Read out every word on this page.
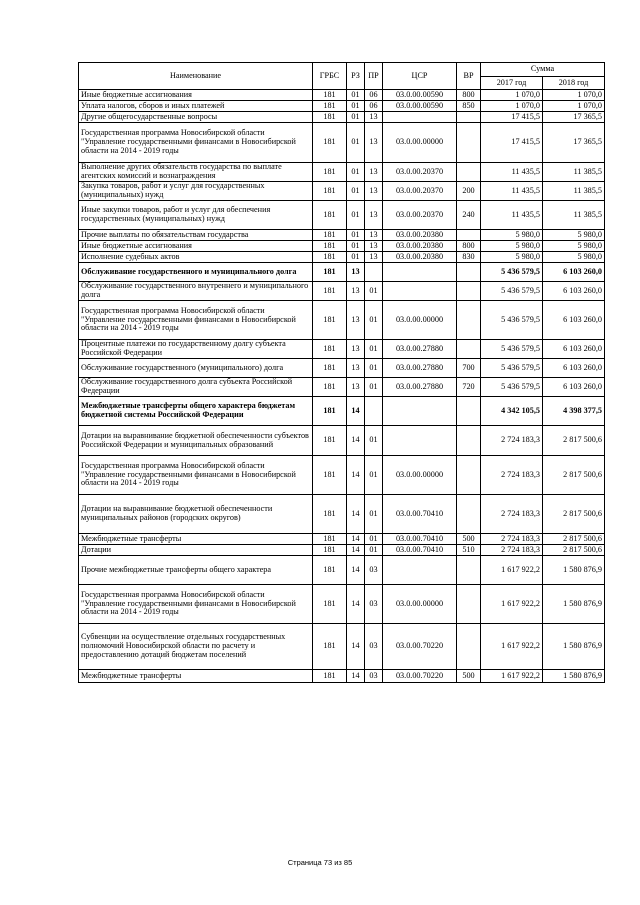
Наименование	ГРБС	РЗ	ПР	ЦСР	ВР	Сумма	
						2017 год	2018 год
Иные бюджетные ассигнования	181	01	06	03.0.00.00590	800	1 070,0	1 070,0
Уплата налогов, сборов и иных платежей	181	01	06	03.0.00.00590	850	1 070,0	1 070,0
Другие общегосударственные вопросы	181	01	13			17 415,5	17 365,5
Государственная программа Новосибирской области "Управление государственными финансами в Новосибирской области на 2014 - 2019 годы	181	01	13	03.0.00.00000		17 415,5	17 365,5
Выполнение других обязательств государства по выплате агентских комиссий и вознаграждения	181	01	13	03.0.00.20370		11 435,5	11 385,5
Закупка товаров, работ и услуг для государственных (муниципальных) нужд	181	01	13	03.0.00.20370	200	11 435,5	11 385,5
Иные закупки товаров, работ и услуг для обеспечения государственных (муниципальных) нужд	181	01	13	03.0.00.20370	240	11 435,5	11 385,5
Прочие выплаты по обязательствам государства	181	01	13	03.0.00.20380		5 980,0	5 980,0
Иные бюджетные ассигнования	181	01	13	03.0.00.20380	800	5 980,0	5 980,0
Исполнение судебных актов	181	01	13	03.0.00.20380	830	5 980,0	5 980,0
Обслуживание государственного и муниципального долга	181	13				5 436 579,5	6 103 260,0
Обслуживание государственного внутреннего и муниципального долга	181	13	01			5 436 579,5	6 103 260,0
Государственная программа Новосибирской области "Управление государственными финансами в Новосибирской области на 2014 - 2019 годы	181	13	01	03.0.00.00000		5 436 579,5	6 103 260,0
Процентные платежи по государственному долгу субъекта Российской Федерации	181	13	01	03.0.00.27880		5 436 579,5	6 103 260,0
Обслуживание государственного (муниципального) долга	181	13	01	03.0.00.27880	700	5 436 579,5	6 103 260,0
Обслуживание государственного долга субъекта Российской Федерации	181	13	01	03.0.00.27880	720	5 436 579,5	6 103 260,0
Межбюджетные трансферты общего характера бюджетам бюджетной системы Российской Федерации	181	14				4 342 105,5	4 398 377,5
Дотации на выравнивание бюджетной обеспеченности субъектов Российской Федерации и муниципальных образований	181	14	01			2 724 183,3	2 817 500,6
Государственная программа Новосибирской области "Управление государственными финансами в Новосибирской области на 2014 - 2019 годы	181	14	01	03.0.00.00000		2 724 183,3	2 817 500,6
Дотации на выравнивание бюджетной обеспеченности муниципальных районов (городских округов)	181	14	01	03.0.00.70410		2 724 183,3	2 817 500,6
Межбюджетные трансферты	181	14	01	03.0.00.70410	500	2 724 183,3	2 817 500,6
Дотации	181	14	01	03.0.00.70410	510	2 724 183,3	2 817 500,6
Прочие межбюджетные трансферты общего характера	181	14	03			1 617 922,2	1 580 876,9
Государственная программа Новосибирской области "Управление государственными финансами в Новосибирской области на 2014 - 2019 годы	181	14	03	03.0.00.00000		1 617 922,2	1 580 876,9
Субвенции на осуществление отдельных государственных полномочий Новосибирской области по расчету и предоставлению дотаций бюджетам поселений	181	14	03	03.0.00.70220		1 617 922,2	1 580 876,9
Межбюджетные трансферты	181	14	03	03.0.00.70220	500	1 617 922,2	1 580 876,9
Страница 73 из 85
